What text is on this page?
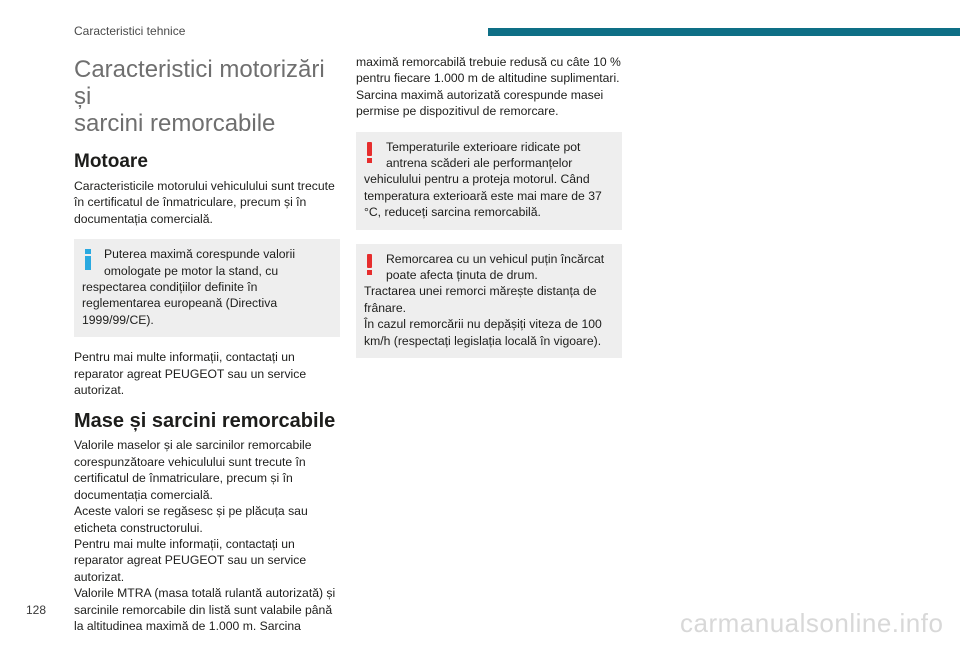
Caracteristici tehnice
Caracteristici motorizări și
sarcini remorcabile
Motoare

Caracteristicile motorului vehiculului sunt trecute în certificatul de înmatriculare, precum și în documentația comercială.

Puterea maximă corespunde valorii omologate pe motor la stand, cu
respectarea condițiilor definite în reglementarea europeană (Directiva 1999/99/CE).

Pentru mai multe informații, contactați un reparator agreat PEUGEOT sau un service autorizat.

Mase și sarcini remorcabile

Valorile maselor și ale sarcinilor remorcabile corespunzătoare vehiculului sunt trecute în certificatul de înmatriculare, precum și în documentația comercială.

Aceste valori se regăsesc și pe plăcuța sau eticheta constructorului.

Pentru mai multe informații, contactați un reparator agreat PEUGEOT sau un service autorizat.

Valorile MTRA (masa totală rulantă autorizată) și sarcinile remorcabile din listă sunt valabile până la altitudinea maximă de 1.000 m. Sarcina

maximă remorcabilă trebuie redusă cu câte 10 % pentru fiecare 1.000 m de altitudine suplimentari.

Sarcina maximă autorizată corespunde masei permise pe dispozitivul de remorcare.

Temperaturile exterioare ridicate pot antrena scăderi ale performanțelor
vehiculului pentru a proteja motorul. Când temperatura exterioară este mai mare de 37 °C, reduceți sarcina remorcabilă.
Remorcarea cu un vehicul puțin încărcat poate afecta ținuta de drum.
Tractarea unei remorci mărește distanța de frânare.
În cazul remorcării nu depășiți viteza de 100 km/h (respectați legislația locală în vigoare).
128	carmanualsonline.info
